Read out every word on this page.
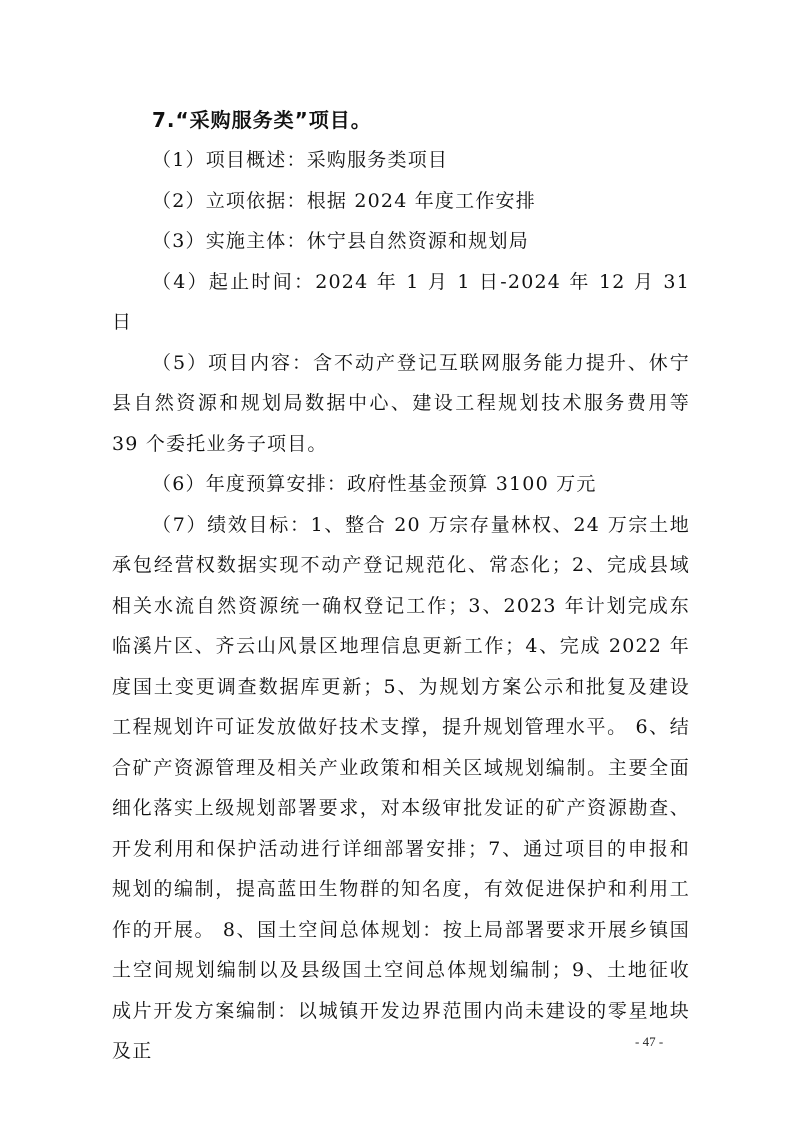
7.“采购服务类”项目。

（1）项目概述：采购服务类项目

（2）立项依据：根据 2024 年度工作安排

（3）实施主体：休宁县自然资源和规划局

（4）起止时间：2024 年 1 月 1 日-2024 年 12 月 31 日

（5）项目内容：含不动产登记互联网服务能力提升、休宁县自然资源和规划局数据中心、建设工程规划技术服务费用等 39 个委托业务子项目。

（6）年度预算安排：政府性基金预算 3100 万元

（7）绩效目标：1、整合 20 万宗存量林权、24 万宗土地承包经营权数据实现不动产登记规范化、常态化；2、完成县域相关水流自然资源统一确权登记工作；3、2023 年计划完成东临溪片区、齐云山风景区地理信息更新工作；4、完成 2022 年度国土变更调查数据库更新；5、为规划方案公示和批复及建设工程规划许可证发放做好技术支撑，提升规划管理水平。 6、结合矿产资源管理及相关产业政策和相关区域规划编制。主要全面细化落实上级规划部署要求，对本级审批发证的矿产资源勘查、开发利用和保护活动进行详细部署安排；7、通过项目的申报和规划的编制，提高蓝田生物群的知名度，有效促进保护和利用工作的开展。 8、国土空间总体规划：按上局部署要求开展乡镇国土空间规划编制以及县级国土空间总体规划编制；9、土地征收成片开发方案编制：以城镇开发边界范围内尚未建设的零星地块及正	- 47 -
